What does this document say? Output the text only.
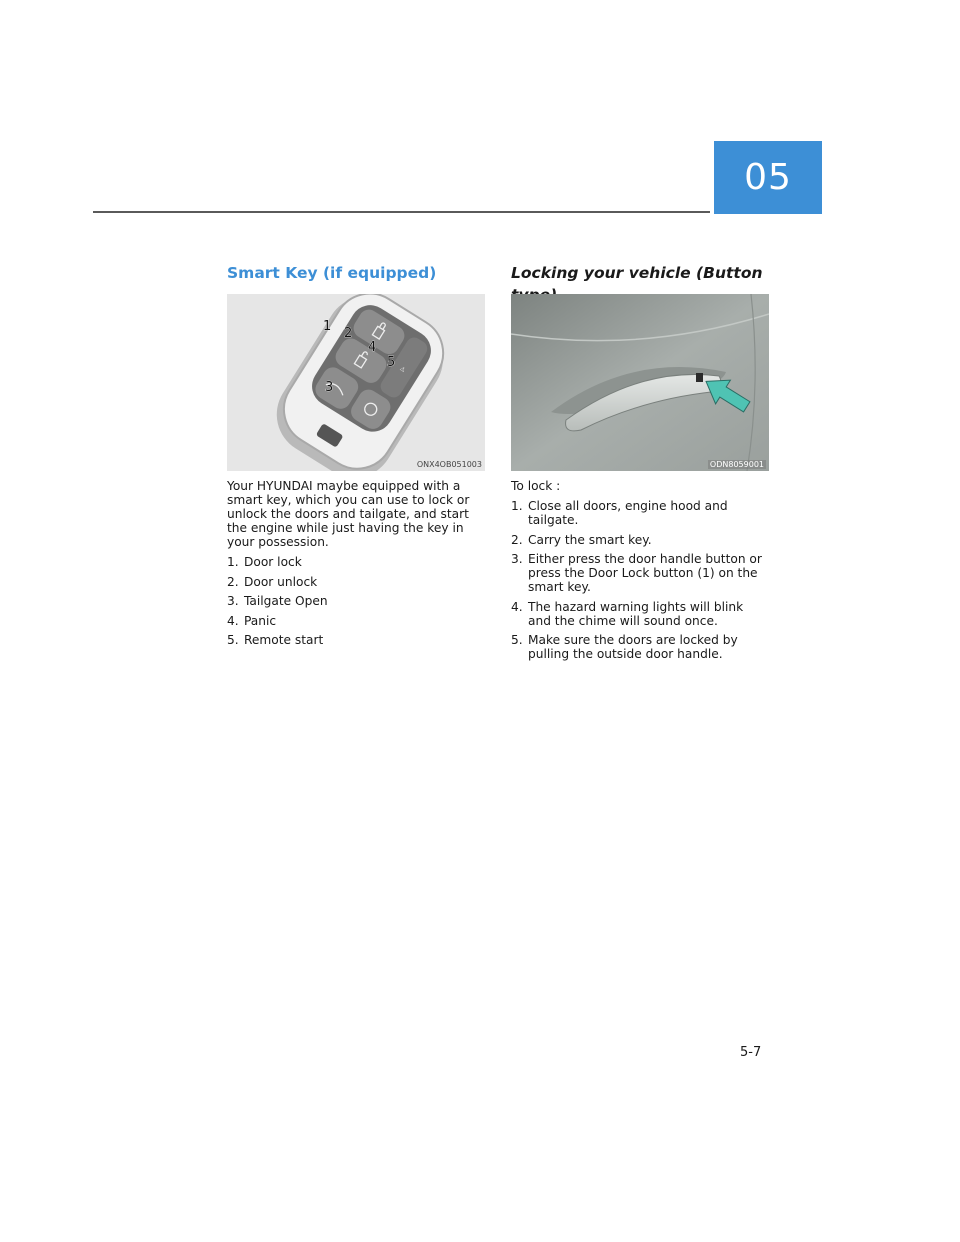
05
Smart Key (if equipped)
⚠
1 2
3
4
5
ONX4OB051003

Your HYUNDAI maybe equipped with a smart key, which you can use to lock or unlock the doors and tailgate, and start the engine while just having the key in your possession.

1. Door lock
2. Door unlock
3. Tailgate Open
4. Panic
5. Remote start
Locking your vehicle (Button
ODN8059001

To lock :

1. Close all doors, engine hood and tailgate.
2. Carry the smart key.
3. Either press the door handle button or press the Door Lock button (1) on the smart key.
4. The hazard warning lights will blink and the chime will sound once.
5. Make sure the doors are locked by pulling the outside door handle.
5-7
